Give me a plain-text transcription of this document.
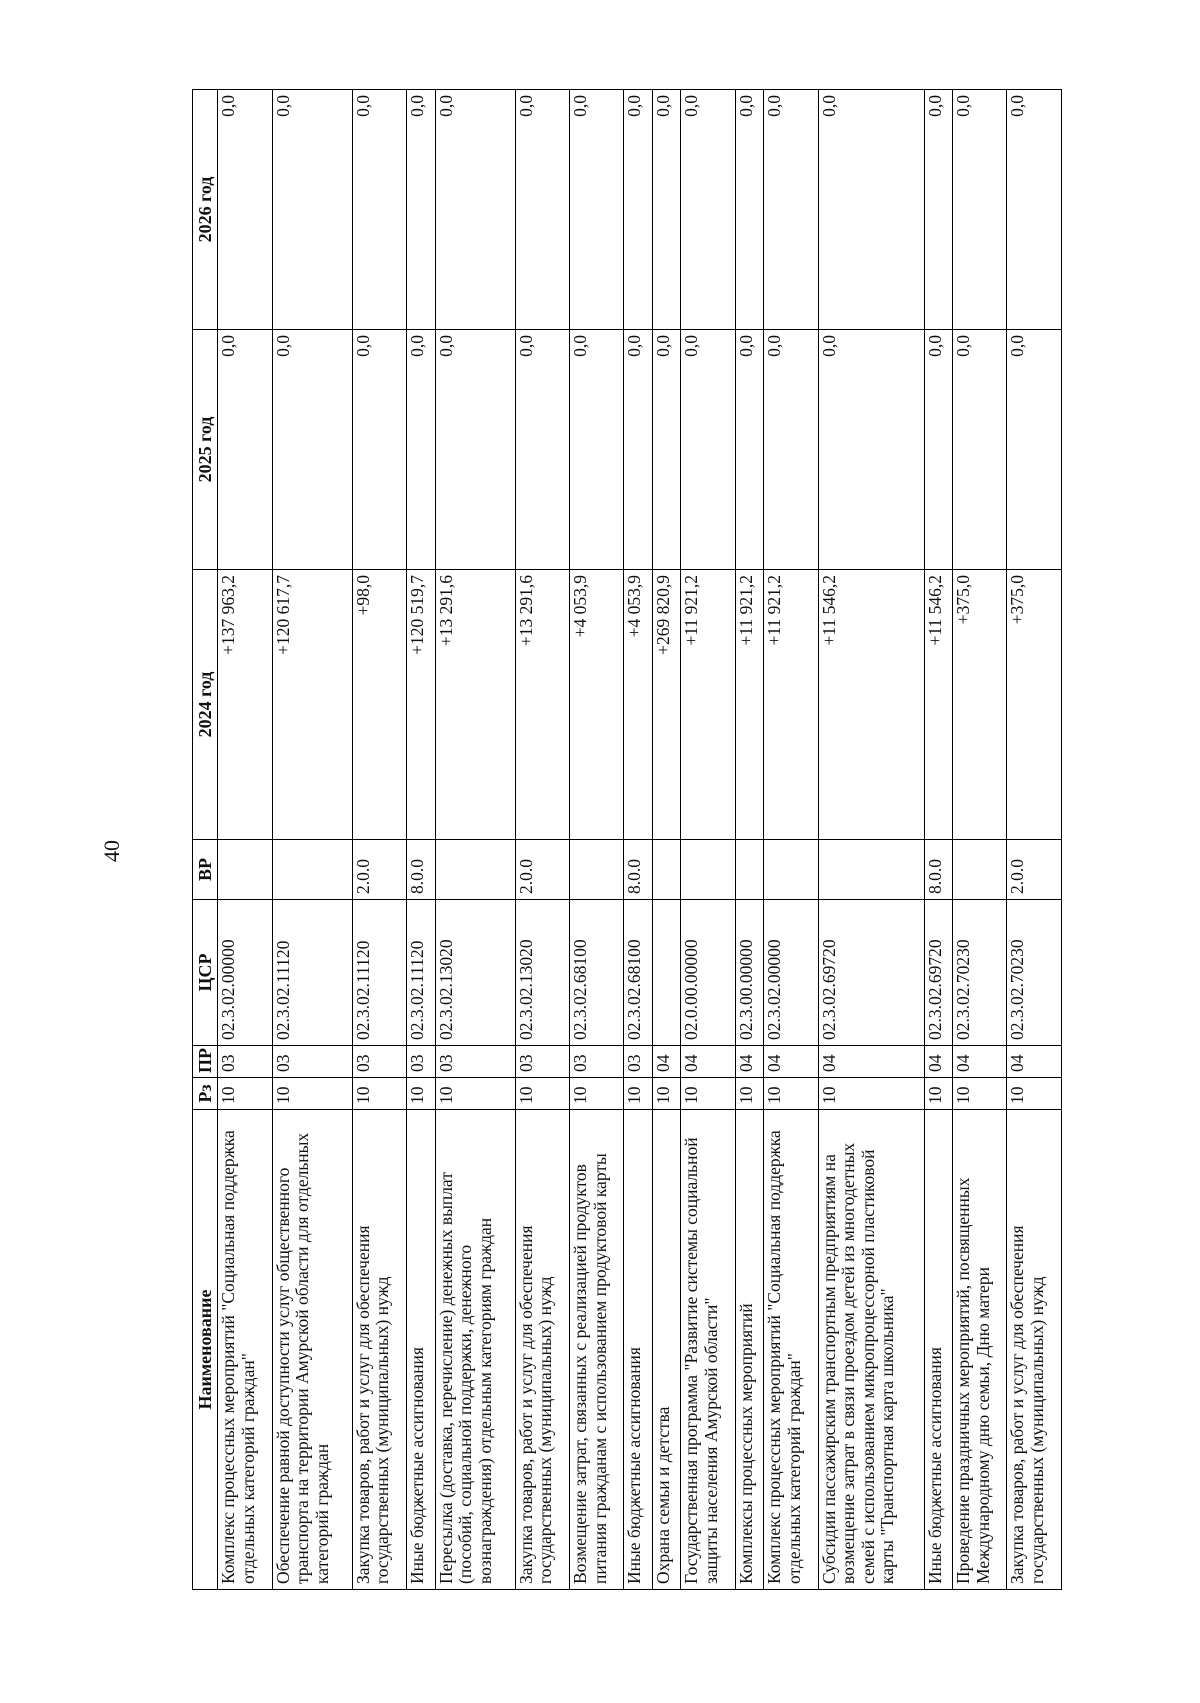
40
Наименование	Рз	ПР	ЦСР	ВР	2024 год	2025 год	2026 год
Комплекс процессных мероприятий "Социальная поддержка отдельных категорий граждан"	10	03	02.3.02.00000		+137 963,2	0,0	0,0
Обеспечение равной доступности услуг общественного транспорта на территории Амурской области для отдельных категорий граждан	10	03	02.3.02.11120		+120 617,7	0,0	0,0
Закупка товаров, работ и услуг для обеспечения государственных (муниципальных) нужд	10	03	02.3.02.11120	2.0.0	+98,0	0,0	0,0
Иные бюджетные ассигнования	10	03	02.3.02.11120	8.0.0	+120 519,7	0,0	0,0
Пересылка (доставка, перечисление) денежных выплат (пособий, социальной поддержки, денежного вознаграждения) отдельным категориям граждан	10	03	02.3.02.13020		+13 291,6	0,0	0,0
Закупка товаров, работ и услуг для обеспечения государственных (муниципальных) нужд	10	03	02.3.02.13020	2.0.0	+13 291,6	0,0	0,0
Возмещение затрат, связанных с реализацией продуктов питания гражданам с использованием продуктовой карты	10	03	02.3.02.68100		+4 053,9	0,0	0,0
Иные бюджетные ассигнования	10	03	02.3.02.68100	8.0.0	+4 053,9	0,0	0,0
Охрана семьи и детства	10	04			+269 820,9	0,0	0,0
Государственная программа "Развитие системы социальной защиты населения Амурской области"	10	04	02.0.00.00000		+11 921,2	0,0	0,0
Комплексы процессных мероприятий	10	04	02.3.00.00000		+11 921,2	0,0	0,0
Комплекс процессных мероприятий "Социальная поддержка отдельных категорий граждан"	10	04	02.3.02.00000		+11 921,2	0,0	0,0
Субсидии пассажирским транспортным предприятиям на возмещение затрат в связи проездом детей из многодетных семей с использованием микропроцессорной пластиковой карты "Транспортная карта школьника"	10	04	02.3.02.69720		+11 546,2	0,0	0,0
Иные бюджетные ассигнования	10	04	02.3.02.69720	8.0.0	+11 546,2	0,0	0,0
Проведение праздничных мероприятий, посвященных Международному дню семьи, Дню матери	10	04	02.3.02.70230		+375,0	0,0	0,0
Закупка товаров, работ и услуг для обеспечения государственных (муниципальных) нужд	10	04	02.3.02.70230	2.0.0	+375,0	0,0	0,0
